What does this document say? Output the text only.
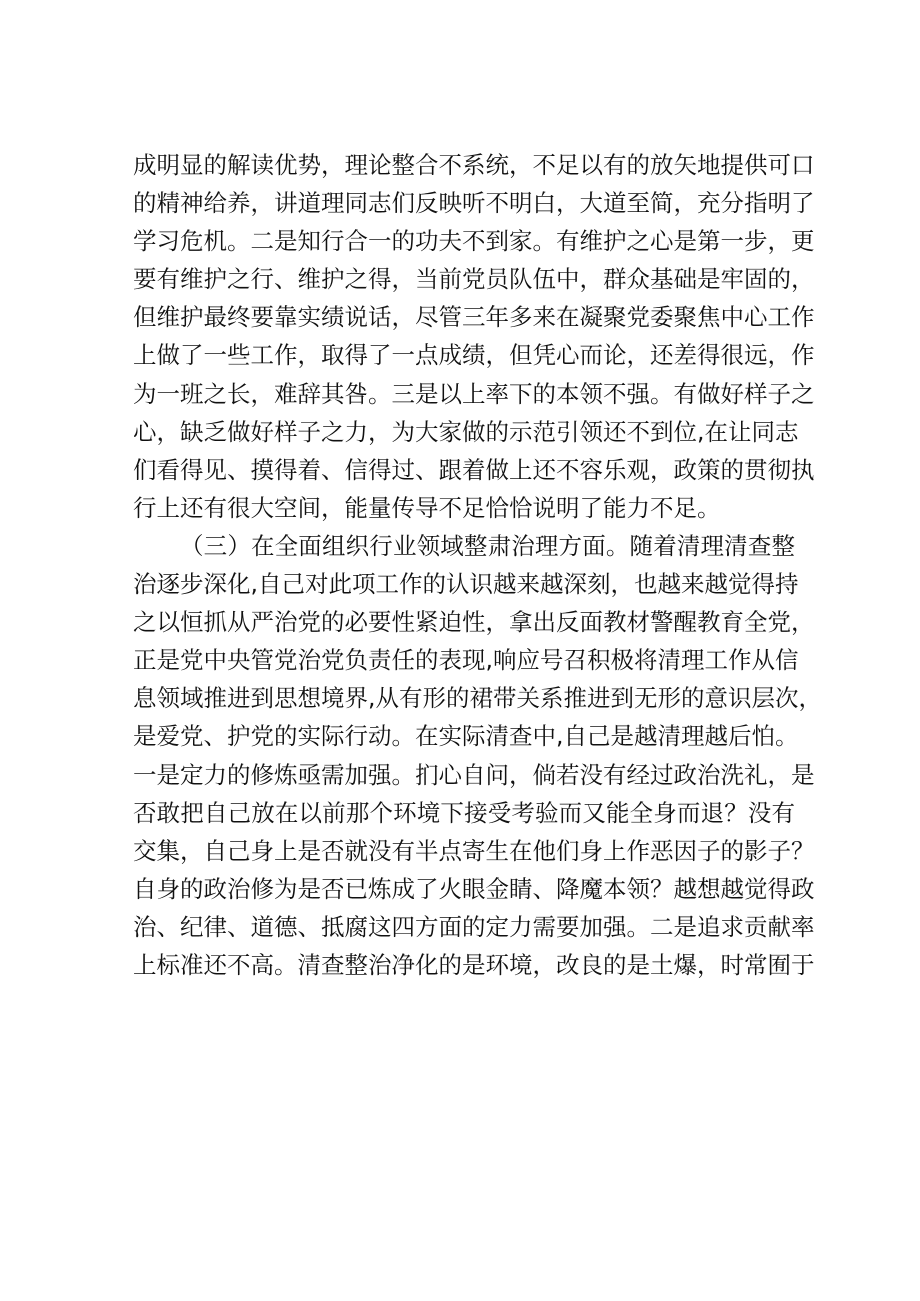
成明显的解读优势，理论整合不系统，不足以有的放矢地提供可口
的精神给养，讲道理同志们反映听不明白，大道至简，充分指明了
学习危机。二是知行合一的功夫不到家。有维护之心是第一步，更
要有维护之行、维护之得，当前党员队伍中，群众基础是牢固的，
但维护最终要靠实绩说话，尽管三年多来在凝聚党委聚焦中心工作
上做了一些工作，取得了一点成绩，但凭心而论，还差得很远，作
为一班之长，难辞其咎。三是以上率下的本领不强。有做好样子之
心，缺乏做好样子之力，为大家做的示范引领还不到位,在让同志
们看得见、摸得着、信得过、跟着做上还不容乐观，政策的贯彻执
行上还有很大空间，能量传导不足恰恰说明了能力不足。
（三）在全面组织行业领域整肃治理方面。随着清理清查整
治逐步深化,自己对此项工作的认识越来越深刻，也越来越觉得持
之以恒抓从严治党的必要性紧迫性，拿出反面教材警醒教育全党，
正是党中央管党治党负责任的表现,响应号召积极将清理工作从信
息领域推进到思想境界,从有形的裙带关系推进到无形的意识层次，
是爱党、护党的实际行动。在实际清查中,自己是越清理越后怕。
一是定力的修炼亟需加强。扪心自问，倘若没有经过政治洗礼，是
否敢把自己放在以前那个环境下接受考验而又能全身而退？没有
交集，自己身上是否就没有半点寄生在他们身上作恶因子的影子？
自身的政治修为是否已炼成了火眼金睛、降魔本领？越想越觉得政
治、纪律、道德、抵腐这四方面的定力需要加强。二是追求贡献率
上标准还不高。清查整治净化的是环境，改良的是土爆，时常囿于
